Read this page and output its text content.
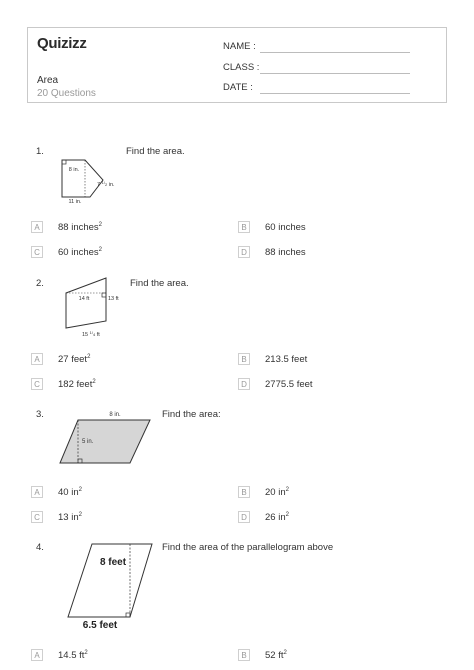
Quizizz
Area
20 Questions
NAME :
CLASS :
DATE :
1.	Find the area.
8 in.
7 $^1/_2$ in.
11 in.
A	88 inches$^2$	B	60 inches
C	60 inches$^2$	D	88 inches
2.	Find the area.
14 ft	13 ft
15 $^1/_4$ ft
A	27 feet$^2$	B	213.5 feet
C	182 feet$^2$	D	2775.5 feet
3.	Find the area:
8 in.
5 in.
A	40 $in^2$	B	20 $in^2$
C	13 $in^2$	D	26 $in^2$
4.	Find the area of the parallelogram above
8 feet
6.5 feet
A	14.5 $ft^2$	B	52 $ft^2$
